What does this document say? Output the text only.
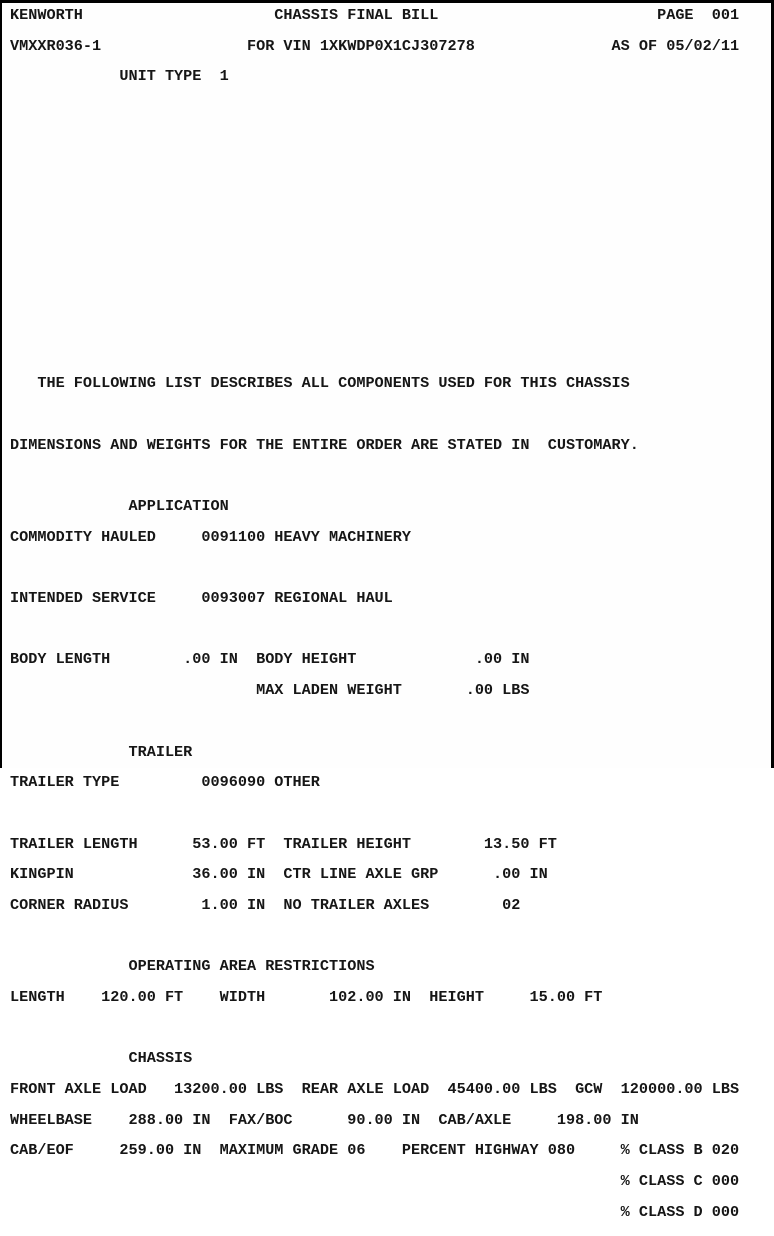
KENWORTH                     CHASSIS FINAL BILL                        PAGE  001

VMXXR036-1                FOR VIN 1XKWDP0X1CJ307278               AS OF 05/02/11

UNIT TYPE  1

THE FOLLOWING LIST DESCRIBES ALL COMPONENTS USED FOR THIS CHASSIS

DIMENSIONS AND WEIGHTS FOR THE ENTIRE ORDER ARE STATED IN  CUSTOMARY.

APPLICATION

COMMODITY HAULED     0091100 HEAVY MACHINERY

INTENDED SERVICE     0093007 REGIONAL HAUL

BODY LENGTH        .00 IN  BODY HEIGHT             .00 IN

MAX LADEN WEIGHT       .00 LBS

TRAILER

TRAILER TYPE         0096090 OTHER

TRAILER LENGTH      53.00 FT  TRAILER HEIGHT        13.50 FT

KINGPIN             36.00 IN  CTR LINE AXLE GRP      .00 IN

CORNER RADIUS        1.00 IN  NO TRAILER AXLES        02

OPERATING AREA RESTRICTIONS

LENGTH    120.00 FT    WIDTH       102.00 IN  HEIGHT     15.00 FT

CHASSIS

FRONT AXLE LOAD   13200.00 LBS  REAR AXLE LOAD  45400.00 LBS  GCW  120000.00 LBS

WHEELBASE    288.00 IN  FAX/BOC      90.00 IN  CAB/AXLE     198.00 IN

CAB/EOF     259.00 IN  MAXIMUM GRADE 06    PERCENT HIGHWAY 080     % CLASS B 020

% CLASS C 000

% CLASS D 000
